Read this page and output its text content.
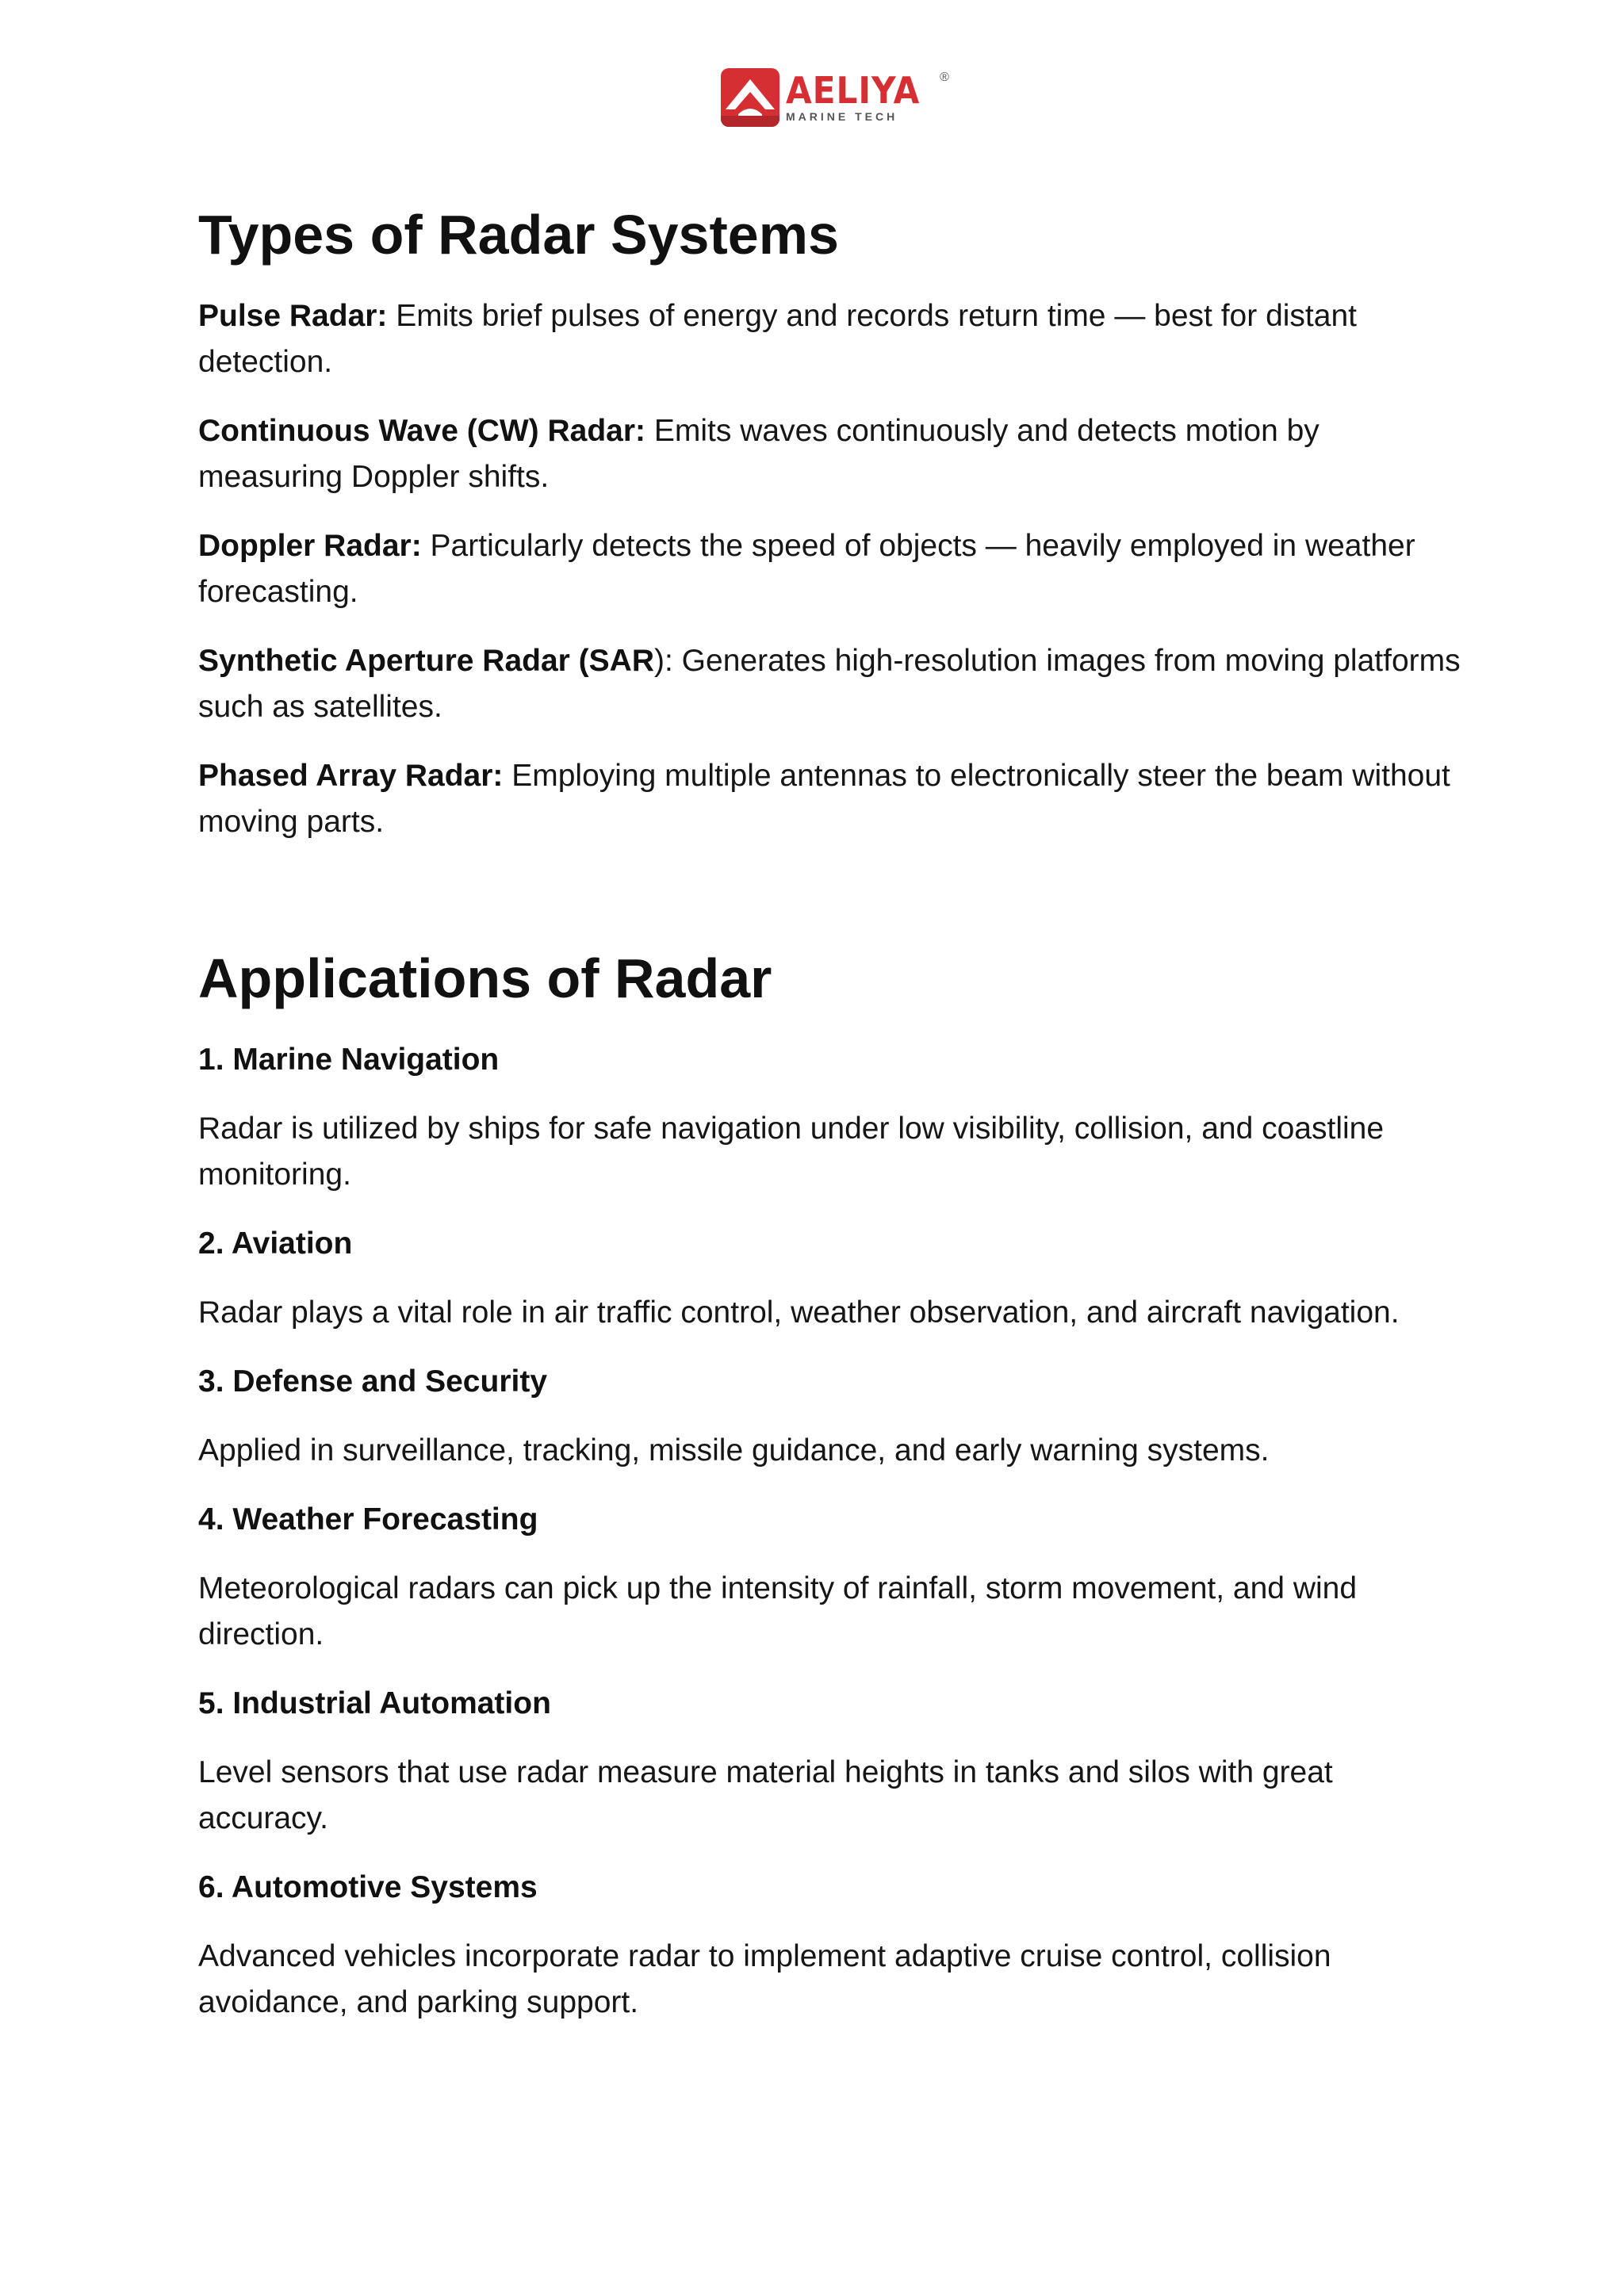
AELIYA ®
MARINE TECH
Types of Radar Systems

Pulse Radar: Emits brief pulses of energy and records return time — best for distant detection.

Continuous Wave (CW) Radar: Emits waves continuously and detects motion by measuring Doppler shifts.

Doppler Radar: Particularly detects the speed of objects — heavily employed in weather forecasting.

Synthetic Aperture Radar (SAR): Generates high-resolution images from moving platforms such as satellites.

Phased Array Radar: Employing multiple antennas to electronically steer the beam without moving parts.

Applications of Radar

1. Marine Navigation

Radar is utilized by ships for safe navigation under low visibility, collision, and coastline monitoring.

2. Aviation

Radar plays a vital role in air traffic control, weather observation, and aircraft navigation.

3. Defense and Security

Applied in surveillance, tracking, missile guidance, and early warning systems.

4. Weather Forecasting

Meteorological radars can pick up the intensity of rainfall, storm movement, and wind direction.

5. Industrial Automation

Level sensors that use radar measure material heights in tanks and silos with great accuracy.

6. Automotive Systems

Advanced vehicles incorporate radar to implement adaptive cruise control, collision avoidance, and parking support.
